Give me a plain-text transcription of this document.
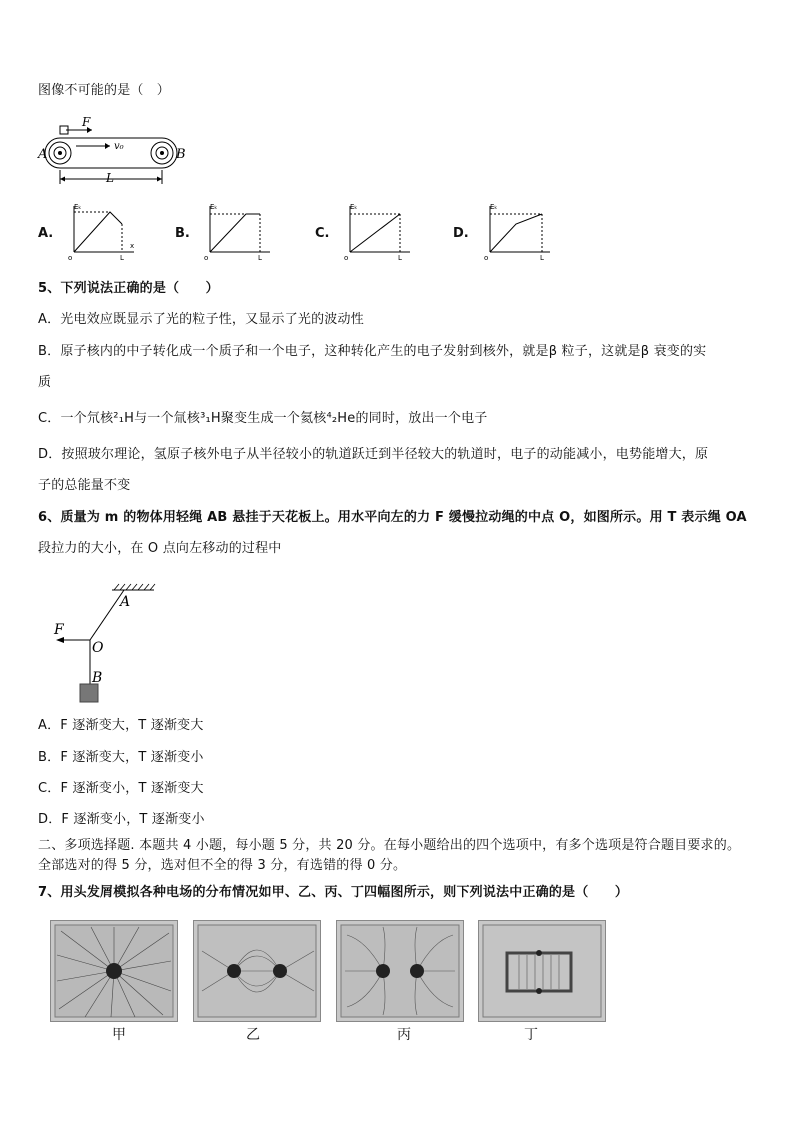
图像不可能的是（　）
F
v₀
A	B
L
A.
Eₖ
x
o	L
B.
Eₖ
o	L
C.
Eₖ
o	L
D.
Eₖ
o	L
5、下列说法正确的是（　　）
A．光电效应既显示了光的粒子性，又显示了光的波动性
B．原子核内的中子转化成一个质子和一个电子，这种转化产生的电子发射到核外，就是β 粒子，这就是β 衰变的实
质
C．一个氘核²₁H与一个氚核³₁H聚变生成一个氦核⁴₂He的同时，放出一个电子
D．按照玻尔理论，氢原子核外电子从半径较小的轨道跃迁到半径较大的轨道时，电子的动能减小，电势能增大，原
子的总能量不变
6、质量为 m 的物体用轻绳 AB 悬挂于天花板上。用水平向左的力 F 缓慢拉动绳的中点 O，如图所示。用 T 表示绳 OA
段拉力的大小，在 O 点向左移动的过程中
F
A
O
B
A．F 逐渐变大，T 逐渐变大
B．F 逐渐变大，T 逐渐变小
C．F 逐渐变小，T 逐渐变大
D．F 逐渐变小，T 逐渐变小
二、多项选择题. 本题共 4 小题，每小题 5 分，共 20 分。在每小题给出的四个选项中，有多个选项是符合题目要求的。
全部选对的得 5 分，选对但不全的得 3 分，有选错的得 0 分。
7、用头发屑模拟各种电场的分布情况如甲、乙、丙、丁四幅图所示，则下列说法中正确的是（　　）
甲	乙	丙	丁
